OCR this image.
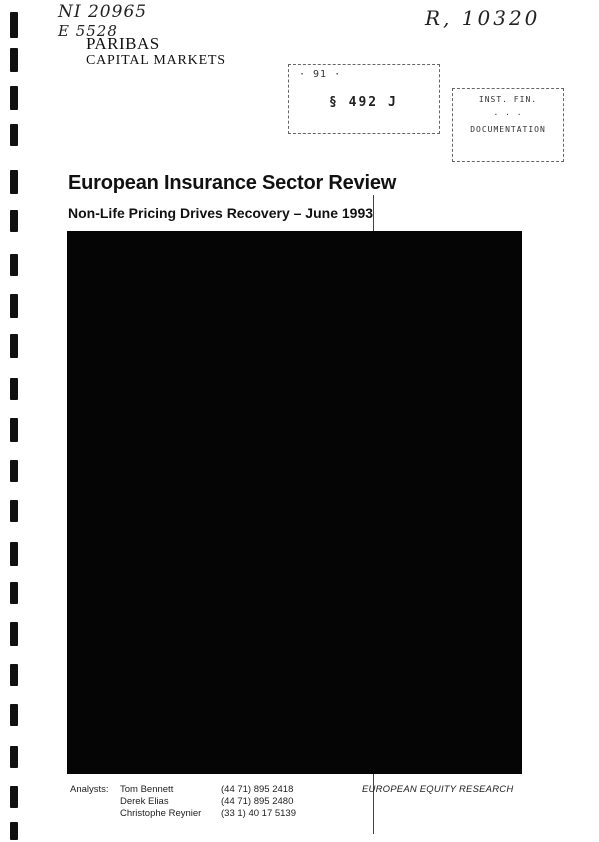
NI 20965
E 5528
R, 10320
PARIBAS
CAPITAL MARKETS
· 91 ·
§ 492 J	INST. FIN.
· · ·
DOCUMENTATION
European Insurance Sector Review
Non-Life Pricing Drives Recovery – June 1993
Analysts: Tom Bennett
Derek Elias
Christophe Reynier
(44 71) 895 2418
(44 71) 895 2480
(33 1) 40 17 5139
EUROPEAN EQUITY RESEARCH
